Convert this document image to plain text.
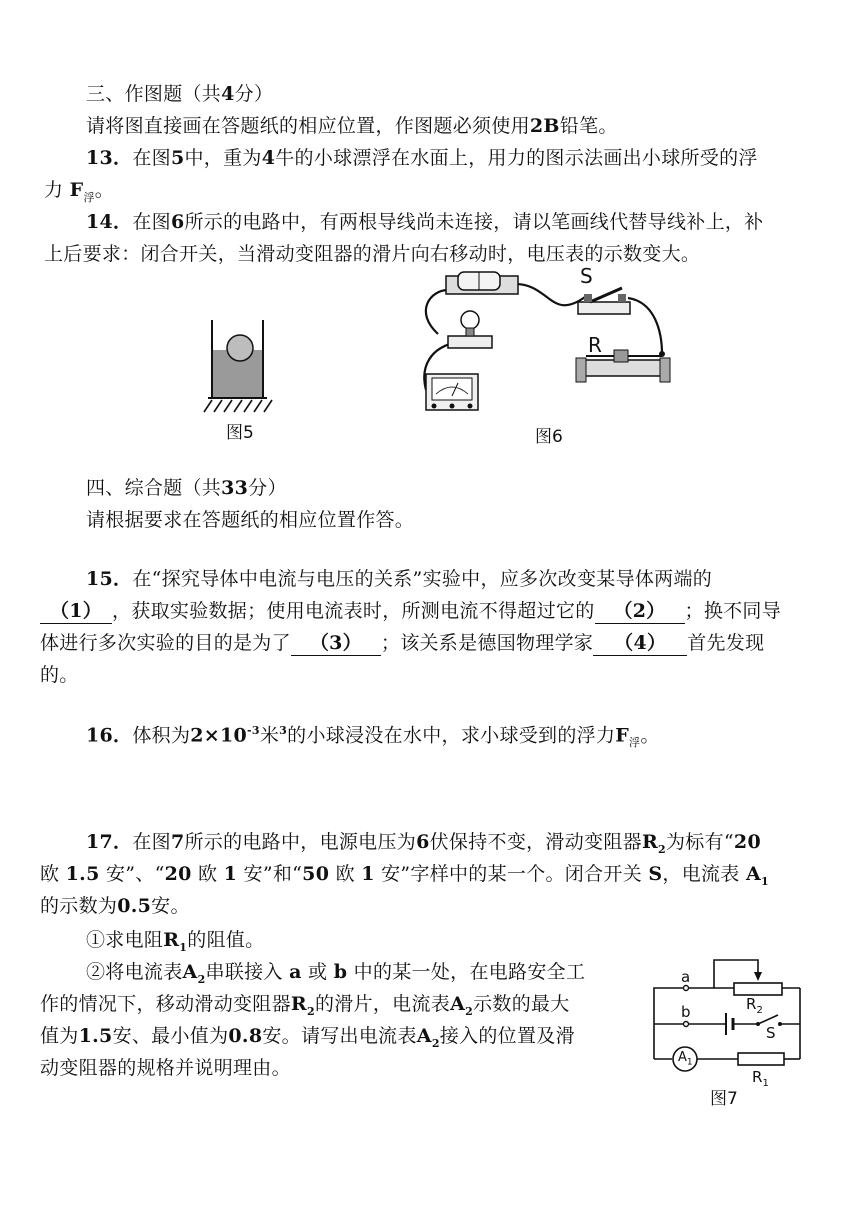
三、作图题（共4分）
请将图直接画在答题纸的相应位置，作图题必须使用2B铅笔。
13．在图5中，重为4牛的小球漂浮在水面上，用力的图示法画出小球所受的浮
力 $F_浮$。
14．在图6所示的电路中，有两根导线尚未连接，请以笔画线代替导线补上，补
上后要求：闭合开关，当滑动变阻器的滑片向右移动时，电压表的示数变大。
图5
S
R
图6
四、综合题（共33分）
请根据要求在答题纸的相应位置作答。
15．在“探究导体中电流与电压的关系”实验中，应多次改变某导体两端的
（1） ，获取实验数据；使用电流表时，所测电流不得超过它的 （2） ；换不同导
体进行多次实验的目的是为了 （3） ；该关系是德国物理学家 （4） 首先发现
的。
16．体积为$2\times 10^{-3}$米$^3$的小球浸没在水中，求小球受到的浮力$F_浮$。
17．在图7所示的电路中，电源电压为6伏保持不变，滑动变阻器$R_2$为标有“20
欧 1.5 安”、“20 欧 1 安”和“50 欧 1 安”字样中的某一个。闭合开关 S，电流表 $A_1$
的示数为0.5安。
①求电阻$R_1$的阻值。
②将电流表$A_2$串联接入 a 或 b 中的某一处，在电路安全工
作的情况下，移动滑动变阻器$R_2$的滑片，电流表$A_2$示数的最大
值为1.5安、最小值为0.8安。请写出电流表$A_2$接入的位置及滑
动变阻器的规格并说明理由。
a
b	$R_2$
S
$A_1$
$R_1$
图7
